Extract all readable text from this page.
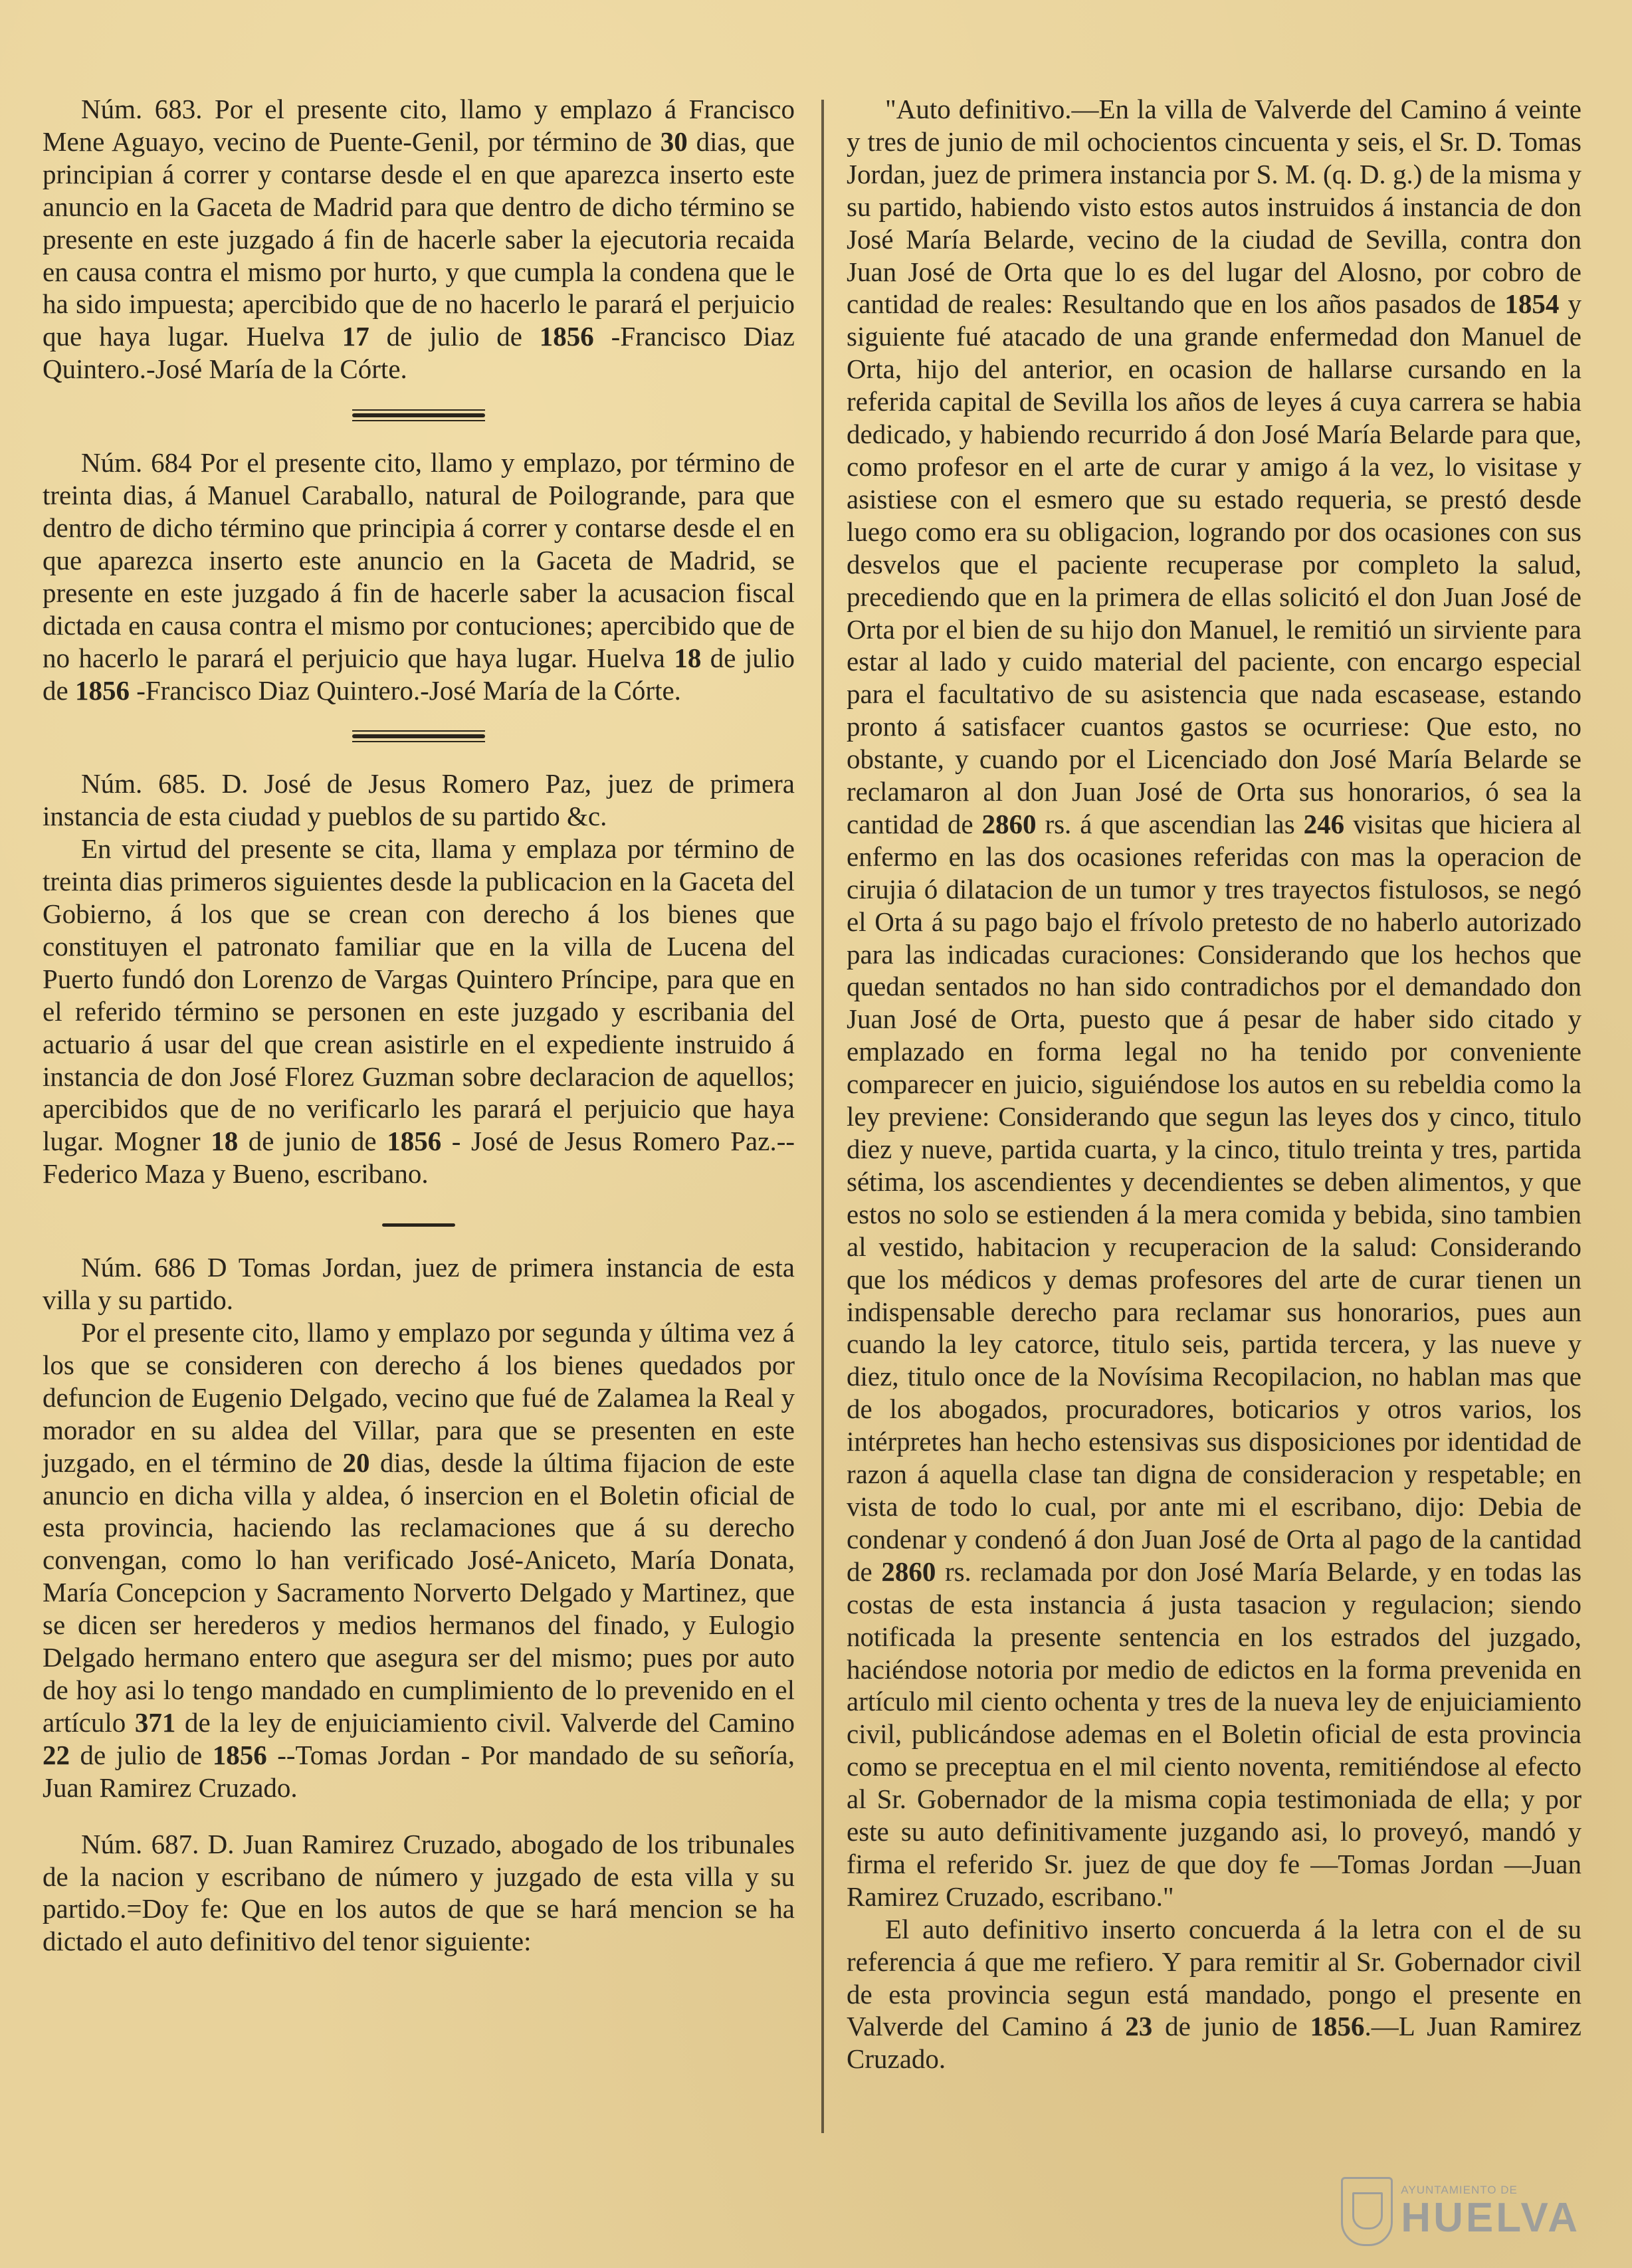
Núm. 683. Por el presente cito, llamo y emplazo á Francisco Mene Aguayo, vecino de Puente-Genil, por término de 30 dias, que principian á correr y contarse desde el en que aparezca inserto este anuncio en la Gaceta de Madrid para que dentro de dicho término se presente en este juzgado á fin de hacerle saber la ejecutoria recaida en causa contra el mismo por hurto, y que cumpla la condena que le ha sido impuesta; apercibido que de no hacerlo le parará el perjuicio que haya lugar. Huelva 17 de julio de 1856 -Francisco Diaz Quintero.-José María de la Córte.

Núm. 684 Por el presente cito, llamo y emplazo, por término de treinta dias, á Manuel Caraballo, natural de Poilogrande, para que dentro de dicho término que principia á correr y contarse desde el en que aparezca inserto este anuncio en la Gaceta de Madrid, se presente en este juzgado á fin de hacerle saber la acusacion fiscal dictada en causa contra el mismo por contuciones; apercibido que de no hacerlo le parará el perjuicio que haya lugar. Huelva 18 de julio de 1856 -Francisco Diaz Quintero.-José María de la Córte.

Núm. 685. D. José de Jesus Romero Paz, juez de primera instancia de esta ciudad y pueblos de su partido &c.

En virtud del presente se cita, llama y emplaza por término de treinta dias primeros siguientes desde la publicacion en la Gaceta del Gobierno, á los que se crean con derecho á los bienes que constituyen el patronato familiar que en la villa de Lucena del Puerto fundó don Lorenzo de Vargas Quintero Príncipe, para que en el referido término se personen en este juzgado y escribania del actuario á usar del que crean asistirle en el expediente instruido á instancia de don José Florez Guzman sobre declaracion de aquellos; apercibidos que de no verificarlo les parará el perjuicio que haya lugar. Mogner 18 de junio de 1856 - José de Jesus Romero Paz.--Federico Maza y Bueno, escribano.

Núm. 686 D Tomas Jordan, juez de primera instancia de esta villa y su partido.

Por el presente cito, llamo y emplazo por segunda y última vez á los que se consideren con derecho á los bienes quedados por defuncion de Eugenio Delgado, vecino que fué de Zalamea la Real y morador en su aldea del Villar, para que se presenten en este juzgado, en el término de 20 dias, desde la última fijacion de este anuncio en dicha villa y aldea, ó insercion en el Boletin oficial de esta provincia, haciendo las reclamaciones que á su derecho convengan, como lo han verificado José-Aniceto, María Donata, María Concepcion y Sacramento Norverto Delgado y Martinez, que se dicen ser herederos y medios hermanos del finado, y Eulogio Delgado hermano entero que asegura ser del mismo; pues por auto de hoy asi lo tengo mandado en cumplimiento de lo prevenido en el artículo 371 de la ley de enjuiciamiento civil. Valverde del Camino 22 de julio de 1856 --Tomas Jordan - Por mandado de su señoría, Juan Ramirez Cruzado.

Núm. 687. D. Juan Ramirez Cruzado, abogado de los tribunales de la nacion y escribano de número y juzgado de esta villa y su partido.=Doy fe: Que en los autos de que se hará mencion se ha dictado el auto definitivo del tenor siguiente:

"Auto definitivo.—En la villa de Valverde del Camino á veinte y tres de junio de mil ochocientos cincuenta y seis, el Sr. D. Tomas Jordan, juez de primera instancia por S. M. (q. D. g.) de la misma y su partido, habiendo visto estos autos instruidos á instancia de don José María Belarde, vecino de la ciudad de Sevilla, contra don Juan José de Orta que lo es del lugar del Alosno, por cobro de cantidad de reales: Resultando que en los años pasados de 1854 y siguiente fué atacado de una grande enfermedad don Manuel de Orta, hijo del anterior, en ocasion de hallarse cursando en la referida capital de Sevilla los años de leyes á cuya carrera se habia dedicado, y habiendo recurrido á don José María Belarde para que, como profesor en el arte de curar y amigo á la vez, lo visitase y asistiese con el esmero que su estado requeria, se prestó desde luego como era su obligacion, logrando por dos ocasiones con sus desvelos que el paciente recuperase por completo la salud, precediendo que en la primera de ellas solicitó el don Juan José de Orta por el bien de su hijo don Manuel, le remitió un sirviente para estar al lado y cuido material del paciente, con encargo especial para el facultativo de su asistencia que nada escasease, estando pronto á satisfacer cuantos gastos se ocurriese: Que esto, no obstante, y cuando por el Licenciado don José María Belarde se reclamaron al don Juan José de Orta sus honorarios, ó sea la cantidad de 2860 rs. á que ascendian las 246 visitas que hiciera al enfermo en las dos ocasiones referidas con mas la operacion de cirujia ó dilatacion de un tumor y tres trayectos fistulosos, se negó el Orta á su pago bajo el frívolo pretesto de no haberlo autorizado para las indicadas curaciones: Considerando que los hechos que quedan sentados no han sido contradichos por el demandado don Juan José de Orta, puesto que á pesar de haber sido citado y emplazado en forma legal no ha tenido por conveniente comparecer en juicio, siguiéndose los autos en su rebeldia como la ley previene: Considerando que segun las leyes dos y cinco, titulo diez y nueve, partida cuarta, y la cinco, titulo treinta y tres, partida sétima, los ascendientes y decendientes se deben alimentos, y que estos no solo se estienden á la mera comida y bebida, sino tambien al vestido, habitacion y recuperacion de la salud: Considerando que los médicos y demas profesores del arte de curar tienen un indispensable derecho para reclamar sus honorarios, pues aun cuando la ley catorce, titulo seis, partida tercera, y las nueve y diez, titulo once de la Novísima Recopilacion, no hablan mas que de los abogados, procuradores, boticarios y otros varios, los intérpretes han hecho estensivas sus disposiciones por identidad de razon á aquella clase tan digna de consideracion y respetable; en vista de todo lo cual, por ante mi el escribano, dijo: Debia de condenar y condenó á don Juan José de Orta al pago de la cantidad de 2860 rs. reclamada por don José María Belarde, y en todas las costas de esta instancia á justa tasacion y regulacion; siendo notificada la presente sentencia en los estrados del juzgado, haciéndose notoria por medio de edictos en la forma prevenida en artículo mil ciento ochenta y tres de la nueva ley de enjuiciamiento civil, publicándose ademas en el Boletin oficial de esta provincia como se preceptua en el mil ciento noventa, remitiéndose al efecto al Sr. Gobernador de la misma copia testimoniada de ella; y por este su auto definitivamente juzgando asi, lo proveyó, mandó y firma el referido Sr. juez de que doy fe —Tomas Jordan —Juan Ramirez Cruzado, escribano."

El auto definitivo inserto concuerda á la letra con el de su referencia á que me refiero. Y para remitir al Sr. Gobernador civil de esta provincia segun está mandado, pongo el presente en Valverde del Camino á 23 de junio de 1856.—L Juan Ramirez Cruzado.

AYUNTAMIENTO DE
HUELVA
